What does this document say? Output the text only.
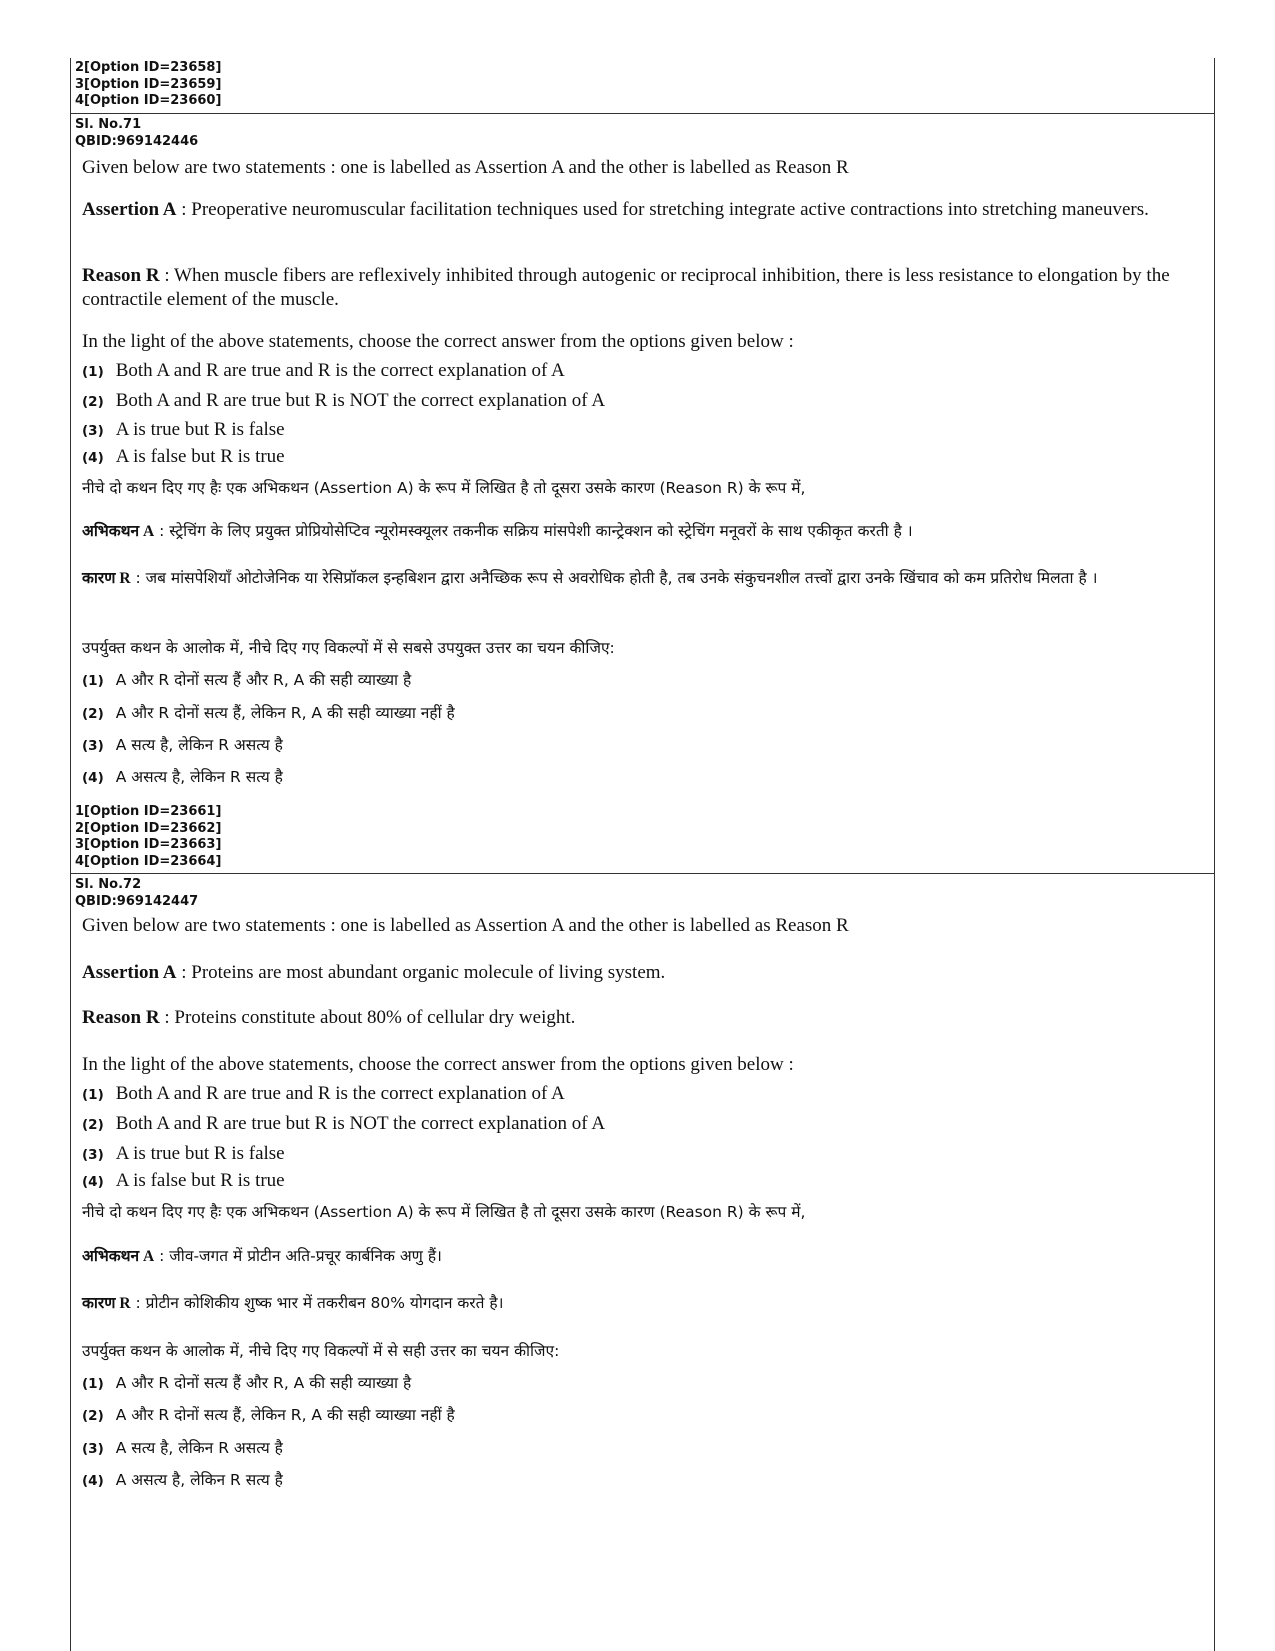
2[Option ID=23658]
3[Option ID=23659]
4[Option ID=23660]
Sl. No.71
QBID:969142446
Given below are two statements : one is labelled as Assertion A and the other is labelled as Reason R
Assertion A : Preoperative neuromuscular facilitation techniques used for stretching integrate active contractions into stretching maneuvers.
Reason R : When muscle fibers are reflexively inhibited through autogenic or reciprocal inhibition, there is less resistance to elongation by the contractile element of the muscle.
In the light of the above statements, choose the correct answer from the options given below :
(1) Both A and R are true and R is the correct explanation of A
(2) Both A and R are true but R is NOT the correct explanation of A
(3) A is true but R is false
(4) A is false but R is true
नीचे दो कथन दिए गए हैः एक अभिकथन (Assertion A) के रूप में लिखित है तो दूसरा उसके कारण (Reason R) के रूप में,
अभिकथन A : स्ट्रेचिंग के लिए प्रयुक्त प्रोप्रियोसेप्टिव न्यूरोमस्क्यूलर तकनीक सक्रिय मांसपेशी कान्ट्रेक्शन को स्ट्रेचिंग मनूवरों के साथ एकीकृत करती है ।
कारण R : जब मांसपेशियाँ ओटोजेनिक या रेसिप्रॉकल इन्हबिशन द्वारा अनैच्छिक रूप से अवरोधिक होती है, तब उनके संकुचनशील तत्त्वों द्वारा उनके खिंचाव को कम प्रतिरोध मिलता है ।
उपर्युक्त कथन के आलोक में, नीचे दिए गए विकल्पों में से सबसे उपयुक्त उत्तर का चयन कीजिए:
(1) A और R दोनों सत्य हैं और R, A की सही व्याख्या है
(2) A और R दोनों सत्य हैं, लेकिन R, A की सही व्याख्या नहीं है
(3) A सत्य है, लेकिन R असत्य है
(4) A असत्य है, लेकिन R सत्य है
1[Option ID=23661]
2[Option ID=23662]
3[Option ID=23663]
4[Option ID=23664]
Sl. No.72
QBID:969142447
Given below are two statements : one is labelled as Assertion A and the other is labelled as Reason R
Assertion A : Proteins are most abundant organic molecule of living system.
Reason R : Proteins constitute about 80% of cellular dry weight.
In the light of the above statements, choose the correct answer from the options given below :
(1) Both A and R are true and R is the correct explanation of A
(2) Both A and R are true but R is NOT the correct explanation of A
(3) A is true but R is false
(4) A is false but R is true
नीचे दो कथन दिए गए हैः एक अभिकथन (Assertion A) के रूप में लिखित है तो दूसरा उसके कारण (Reason R) के रूप में,
अभिकथन A : जीव-जगत में प्रोटीन अति-प्रचूर कार्बनिक अणु हैं।
कारण R : प्रोटीन कोशिकीय शुष्क भार में तकरीबन 80% योगदान करते है।
उपर्युक्त कथन के आलोक में, नीचे दिए गए विकल्पों में से सही उत्तर का चयन कीजिए:
(1) A और R दोनों सत्य हैं और R, A की सही व्याख्या है
(2) A और R दोनों सत्य हैं, लेकिन R, A की सही व्याख्या नहीं है
(3) A सत्य है, लेकिन R असत्य है
(4) A असत्य है, लेकिन R सत्य है
